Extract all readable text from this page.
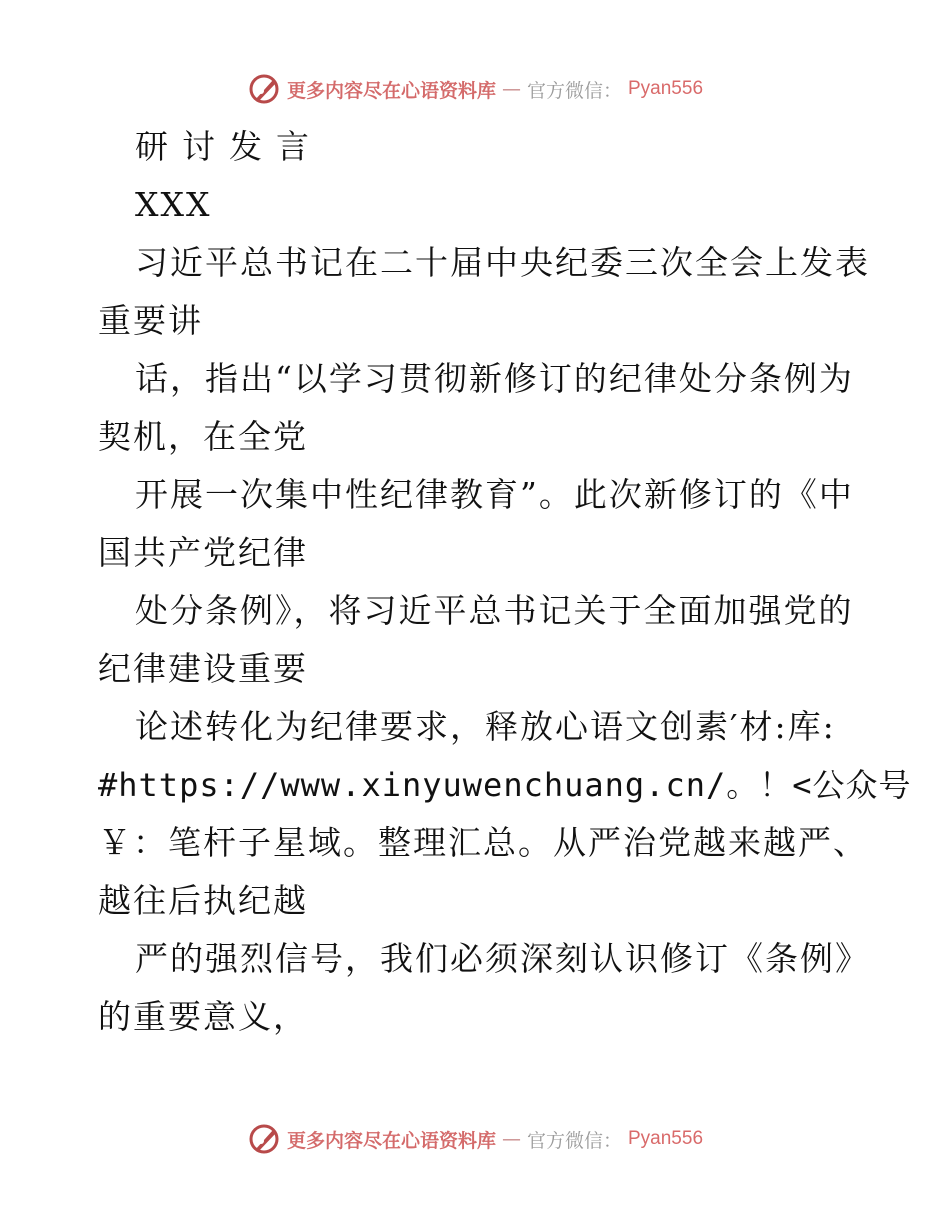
更多内容尽在心语资料库 — 官方微信： Pyan556
研讨发言
XXX
习近平总书记在二十届中央纪委三次全会上发表
重要讲
话，指出“以学习贯彻新修订的纪律处分条例为
契机，在全党
开展一次集中性纪律教育”。此次新修订的《中
国共产党纪律
处分条例》，将习近平总书记关于全面加强党的
纪律建设重要
论述转化为纪律要求，释放心语文创素′材:库:
#https://www.xinyuwenchuang.cn/。！<公众号
￥：笔杆子星域。整理汇总。从严治党越来越严、
越往后执纪越
严的强烈信号，我们必须深刻认识修订《条例》
的重要意义，
更多内容尽在心语资料库 — 官方微信： Pyan556
